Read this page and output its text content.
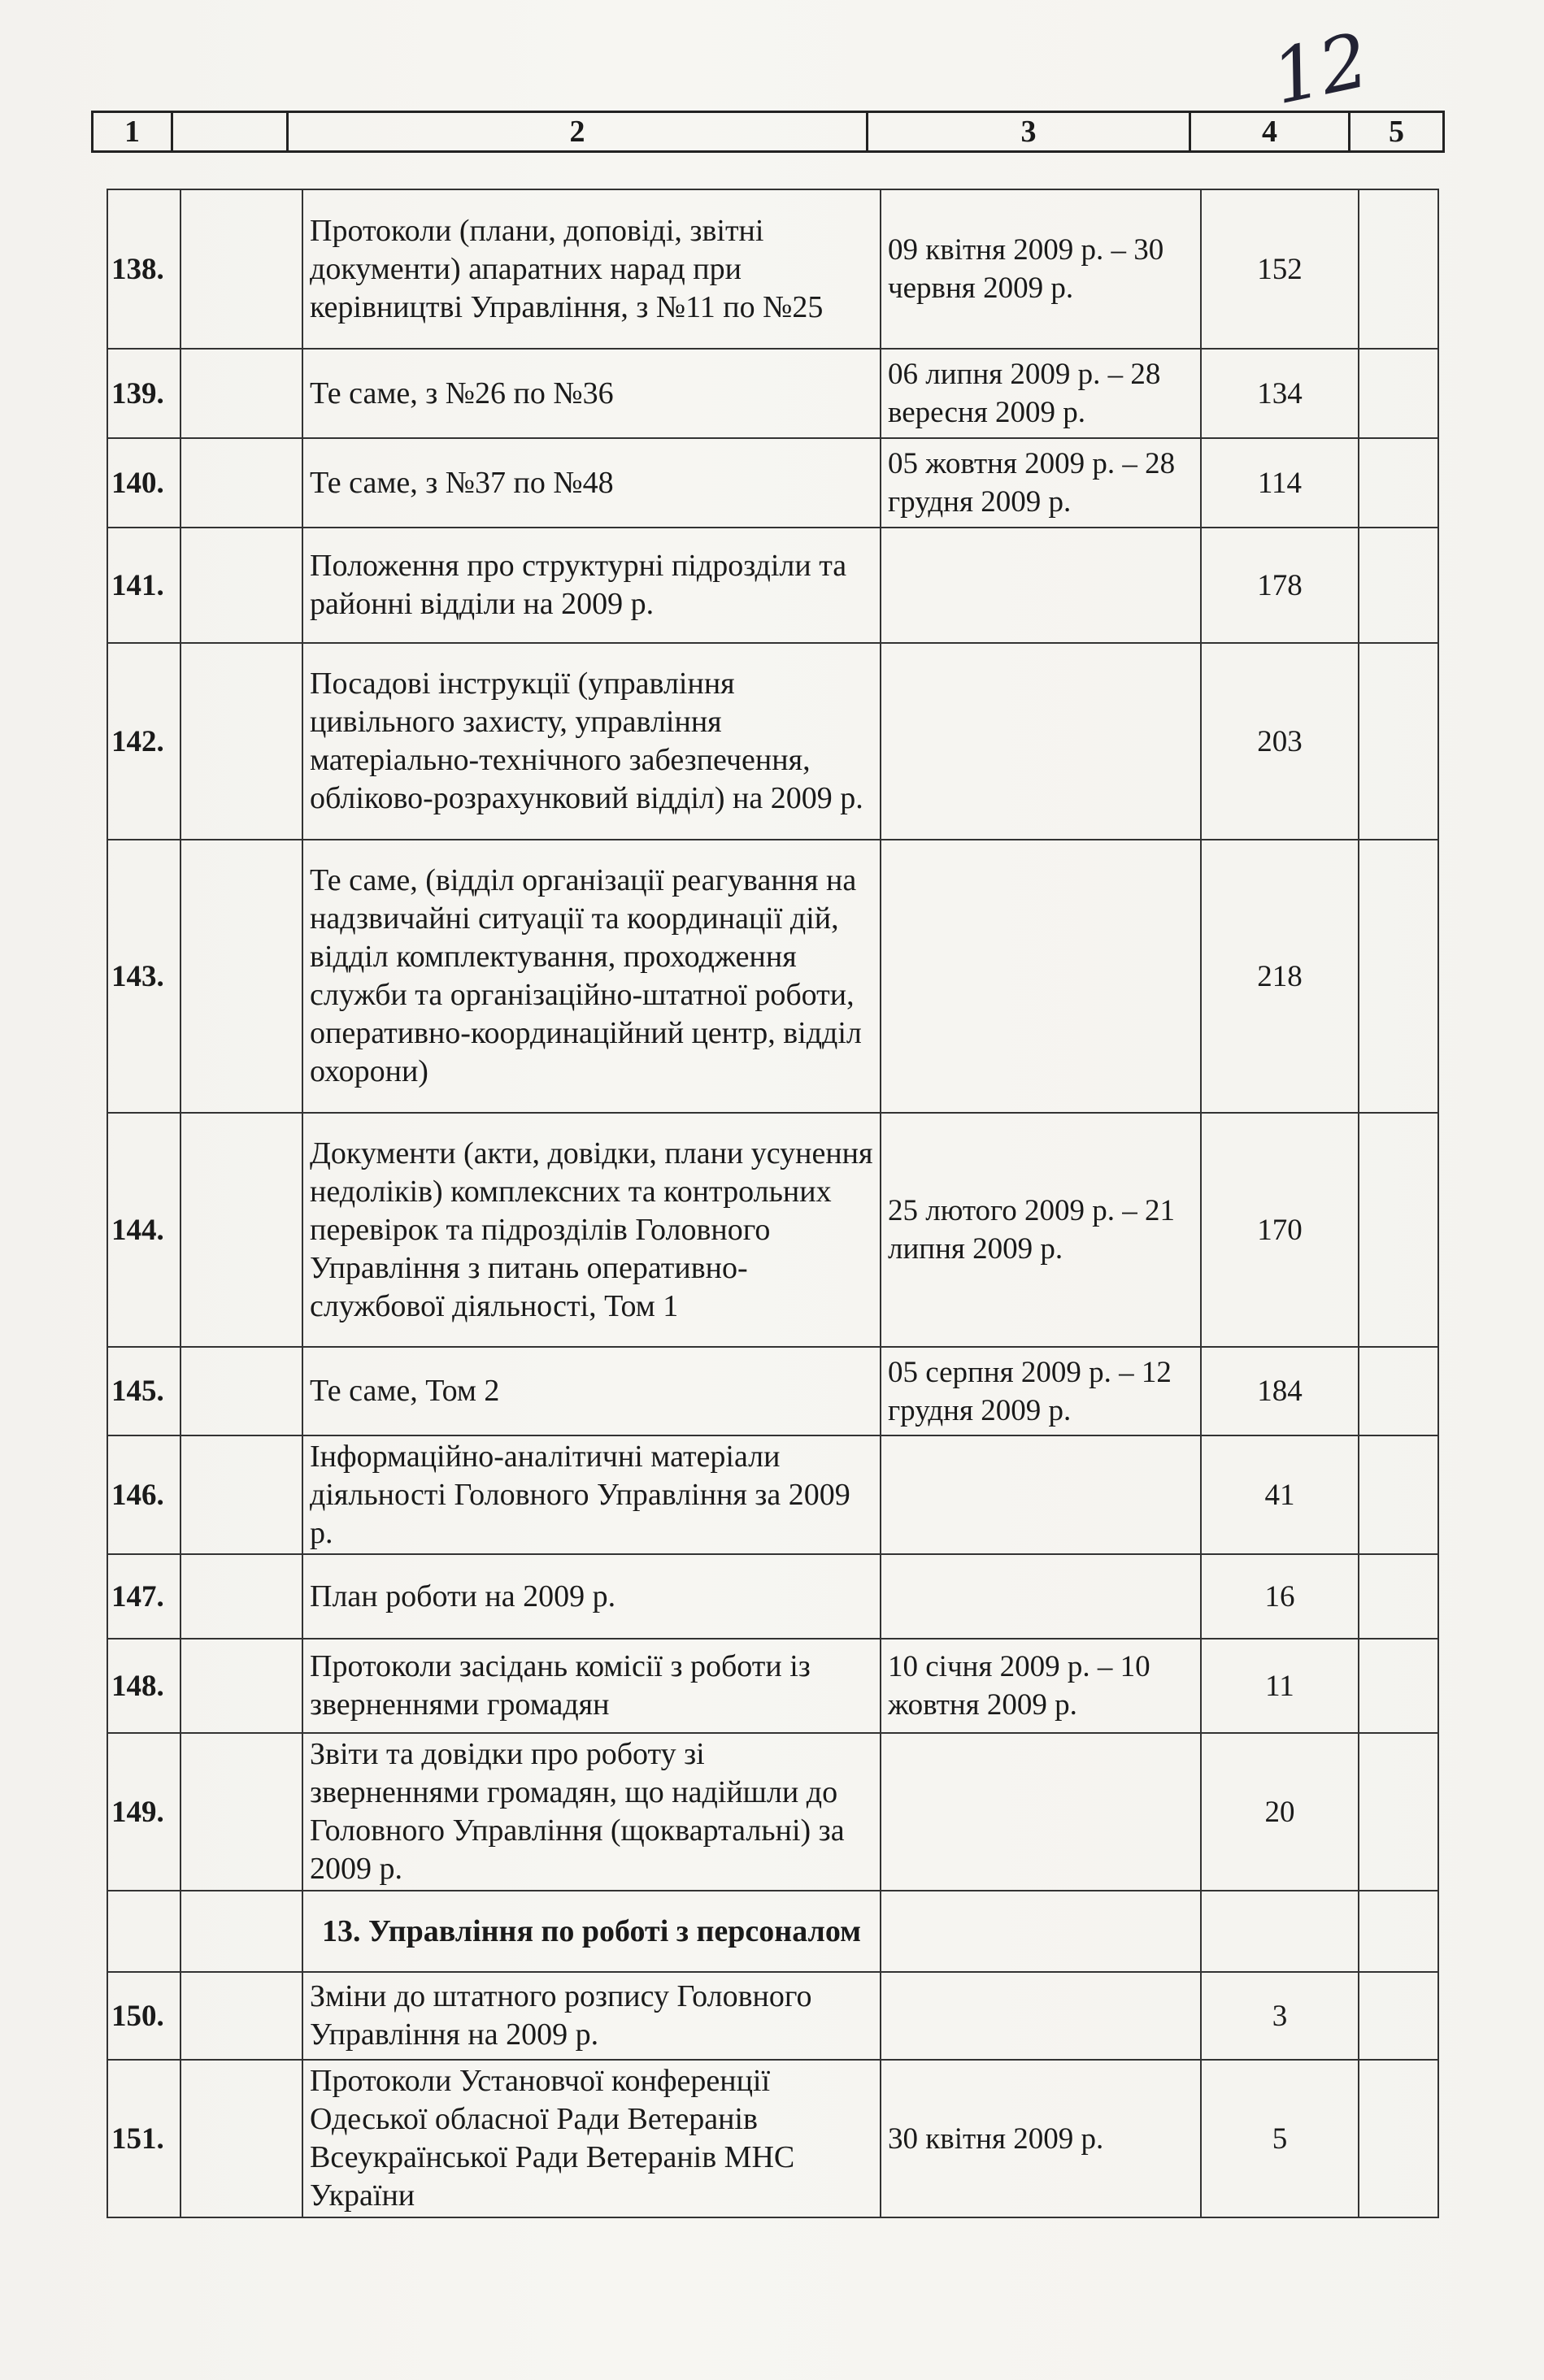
12
1		2	3	4	5
138.		Протоколи (плани, доповіді, звітні документи) апаратних нарад при керівництві Управління, з №11 по №25	09 квітня 2009 р. – 30 червня 2009 р.	152	
139.		Те саме, з №26 по №36	06 липня 2009 р. – 28 вересня 2009 р.	134	
140.		Те саме, з №37 по №48	05 жовтня 2009 р. – 28 грудня 2009 р.	114	
141.		Положення про структурні підрозділи та районні відділи на 2009 р.		178	
142.		Посадові інструкції (управління цивільного захисту, управління матеріально-технічного забезпечення, обліково-розрахунковий відділ) на 2009 р.		203	
143.		Те саме, (відділ організації реагування на надзвичайні ситуації та координації дій, відділ комплектування, проходження служби та організаційно-штатної роботи, оперативно-координаційний центр, відділ охорони)		218	
144.		Документи (акти, довідки, плани усунення недоліків) комплексних та контрольних перевірок та підрозділів Головного Управління з питань оперативно-службової діяльності, Том 1	25 лютого 2009 р. – 21 липня 2009 р.	170	
145.		Те саме, Том 2	05 серпня 2009 р. – 12 грудня 2009 р.	184	
146.		Інформаційно-аналітичні матеріали діяльності Головного Управління за 2009 р.		41	
147.		План роботи на 2009 р.		16	
148.		Протоколи засідань комісії з роботи із зверненнями громадян	10 січня 2009 р. – 10 жовтня 2009 р.	11	
149.		Звіти та довідки про роботу зі зверненнями громадян, що надійшли до Головного Управління (щоквартальні) за 2009 р.		20	
		13. Управління по роботі з персоналом			
150.		Зміни до штатного розпису Головного Управління на 2009 р.		3	
151.		Протоколи Установчої конференції Одеської обласної Ради Ветеранів Всеукраїнської Ради Ветеранів МНС України	30 квітня 2009 р.	5	
